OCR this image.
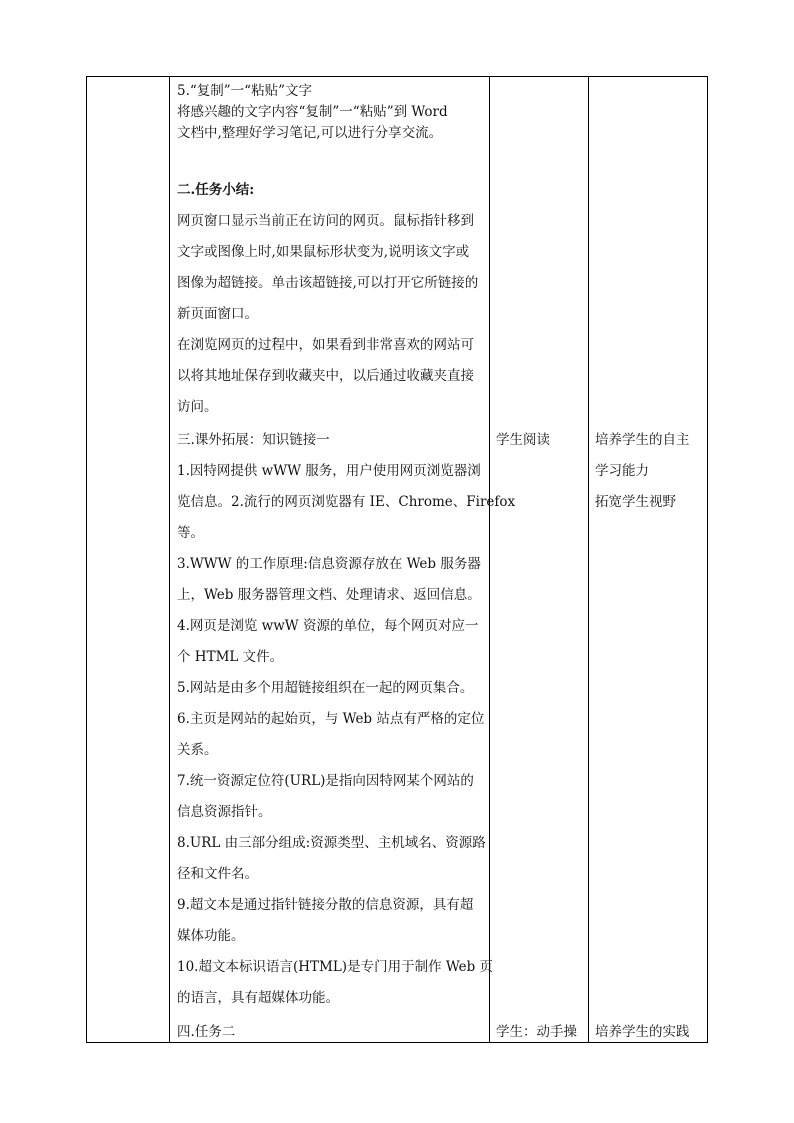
5.“复制”一“粘贴”文字
将感兴趣的文字内容“复制”一“粘贴”到 Word
文档中,整理好学习笔记,可以进行分享交流。
二.任务小结:
网页窗口显示当前正在访问的网页。鼠标指针移到
文字或图像上时,如果鼠标形状变为,说明该文字或
图像为超链接。单击该超链接,可以打开它所链接的
新页面窗口。
在浏览网页的过程中，如果看到非常喜欢的网站可
以将其地址保存到收藏夹中，以后通过收藏夹直接
访问。
三.课外拓展：知识链接一
1.因特网提供 wWW 服务，用户使用网页浏览器浏
览信息。2.流行的网页浏览器有 IE、Chrome、Firefox
等。
3.WWW 的工作原理:信息资源存放在 Web 服务器
上，Web 服务器管理文档、处理请求、返回信息。
4.网页是浏览 wwW 资源的单位，每个网页对应一
个 HTML 文件。
5.网站是由多个用超链接组织在一起的网页集合。
6.主页是网站的起始页，与 Web 站点有严格的定位
关系。
7.统一资源定位符(URL)是指向因特网某个网站的
信息资源指针。
8.URL 由三部分组成:资源类型、主机域名、资源路
径和文件名。
9.超文本是通过指针链接分散的信息资源，具有超
媒体功能。
10.超文本标识语言(HTML)是专门用于制作 Web 页
的语言，具有超媒体功能。
四.任务二
学生阅读
学生：动手操
培养学生的自主
学习能力
拓宽学生视野
培养学生的实践
